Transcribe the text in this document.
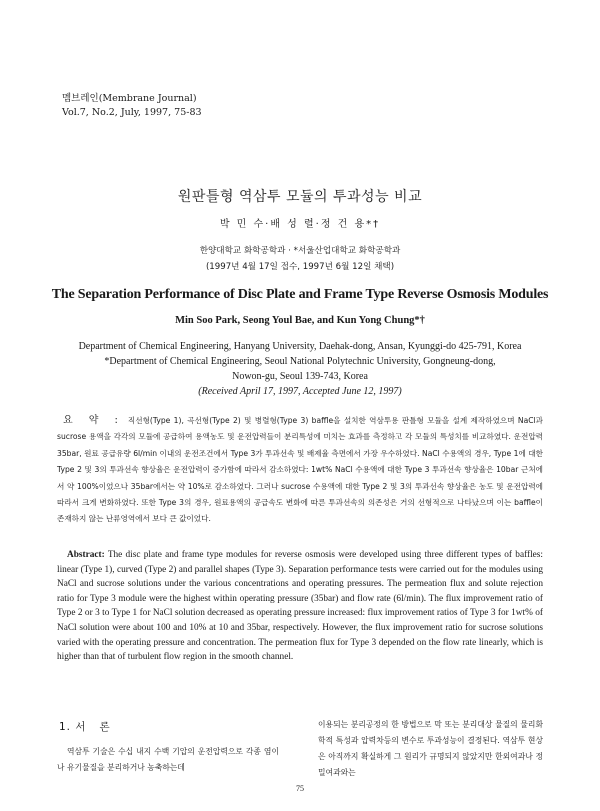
멤브레인(Membrane Journal)
Vol.7, No.2, July, 1997, 75-83
원판틀형 역삼투 모듈의 투과성능 비교
박 민 수·배 성 렬·정 건 용*†
한양대학교 화학공학과 · *서울산업대학교 화학공학과
(1997년 4월 17일 접수, 1997년 6월 12일 채택)
The Separation Performance of Disc Plate and Frame Type Reverse Osmosis Modules
Min Soo Park, Seong Youl Bae, and Kun Yong Chung*†
Department of Chemical Engineering, Hanyang University, Daehak-dong, Ansan, Kyunggi-do 425-791, Korea
*Department of Chemical Engineering, Seoul National Polytechnic University, Gongneung-dong,
Nowon-gu, Seoul 139-743, Korea
(Received April 17, 1997, Accepted June 12, 1997)
요 약 : 직선형(Type 1), 곡선형(Type 2) 및 병렬형(Type 3) baffle을 설치한 역삼투용 판틀형 모듈을 설계 제작하였으며 NaCl과 sucrose 용액을 각각의 모듈에 공급하여 용액농도 및 운전압력들이 분리특성에 미치는 효과를 측정하고 각 모듈의 특성치를 비교하였다. 운전압력 35bar, 원료 공급유량 6l/min 이내의 운전조건에서 Type 3가 투과선속 및 배제율 측면에서 가장 우수하였다. NaCl 수용액의 경우, Type 1에 대한 Type 2 및 3의 투과선속 향상율은 운전압력이 증가함에 따라서 감소하였다: 1wt% NaCl 수용액에 대한 Type 3 투과선속 향상율은 10bar 근처에서 약 100%이었으나 35bar에서는 약 10%로 감소하였다. 그러나 sucrose 수용액에 대한 Type 2 및 3의 투과선속 향상율은 농도 및 운전압력에 따라서 크게 변화하였다. 또한 Type 3의 경우, 원료용액의 공급속도 변화에 따른 투과선속의 의존성은 거의 선형적으로 나타났으며 이는 baffle이 존재하지 않는 난류영역에서 보다 큰 값이었다.
Abstract: The disc plate and frame type modules for reverse osmosis were developed using three different types of baffles: linear (Type 1), curved (Type 2) and parallel shapes (Type 3). Separation performance tests were carried out for the modules using NaCl and sucrose solutions under the various concentrations and operating pressures. The permeation flux and solute rejection ratio for Type 3 module were the highest within operating pressure (35bar) and flow rate (6l/min). The flux improvement ratio of Type 2 or 3 to Type 1 for NaCl solution decreased as operating pressure increased: flux improvement ratios of Type 3 for 1wt% of NaCl solution were about 100 and 10% at 10 and 35bar, respectively. However, the flux improvement ratio for sucrose solutions varied with the operating pressure and concentration. The permeation flux for Type 3 depended on the flow rate linearly, which is higher than that of turbulent flow region in the smooth channel.
1. 서론
역삼투 기술은 수십 내지 수백 기압의 운전압력으로 각종 염이나 유기물질을 분리하거나 농축하는데
이용되는 분리공정의 한 방법으로 막 또는 분리대상 물질의 물리화학적 특성과 압력차등의 변수로 투과성능이 결정된다. 역삼투 현상은 아직까지 확실하게 그 원리가 규명되지 않았지만 한외여과나 정밀여과와는
75
